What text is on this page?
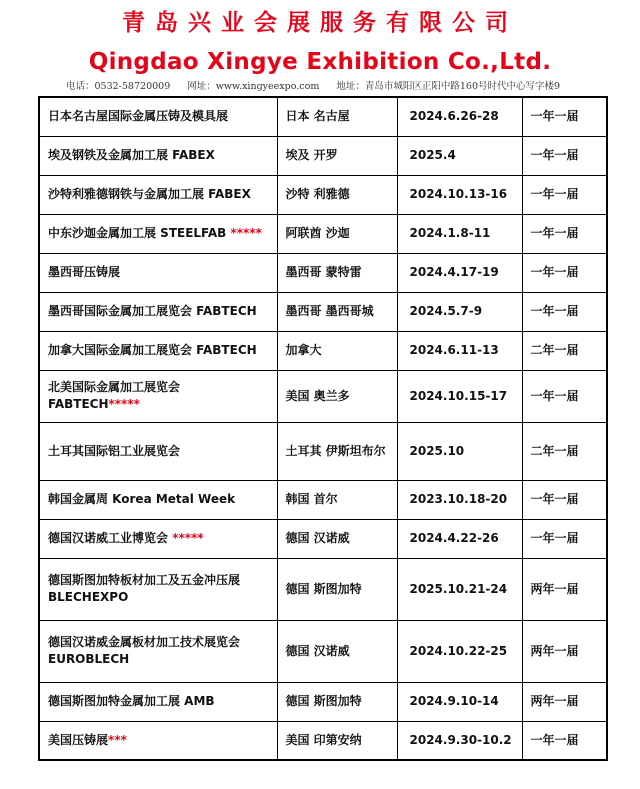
青岛兴业会展服务有限公司
Qingdao Xingye Exhibition Co.,Ltd.
电话：0532-58720009 网址：www.xingyeexpo.com 地址：青岛市城阳区正阳中路160号时代中心写字楼9
日本名古屋国际金属压铸及模具展	日本 名古屋	2024.6.26-28	一年一届
埃及钢铁及金属加工展 FABEX	埃及 开罗	2025.4	一年一届
沙特利雅德钢铁与金属加工展 FABEX	沙特 利雅德	2024.10.13-16	一年一届
中东沙迦金属加工展 STEELFAB *****	阿联酋 沙迦	2024.1.8-11	一年一届
墨西哥压铸展	墨西哥 蒙特雷	2024.4.17-19	一年一届
墨西哥国际金属加工展览会 FABTECH	墨西哥 墨西哥城	2024.5.7-9	一年一届
加拿大国际金属加工展览会 FABTECH	加拿大	2024.6.11-13	二年一届
北美国际金属加工展览会 FABTECH*****	美国 奥兰多	2024.10.15-17	一年一届
土耳其国际铝工业展览会	土耳其 伊斯坦布尔	2025.10	二年一届
韩国金属周 Korea Metal Week	韩国 首尔	2023.10.18-20	一年一届
德国汉诺威工业博览会 *****	德国 汉诺威	2024.4.22-26	一年一届
德国斯图加特板材加工及五金冲压展 BLECHEXPO	德国 斯图加特	2025.10.21-24	两年一届
德国汉诺威金属板材加工技术展览会 EUROBLECH	德国 汉诺威	2024.10.22-25	两年一届
德国斯图加特金属加工展 AMB	德国 斯图加特	2024.9.10-14	两年一届
美国压铸展***	美国 印第安纳	2024.9.30-10.2	一年一届
